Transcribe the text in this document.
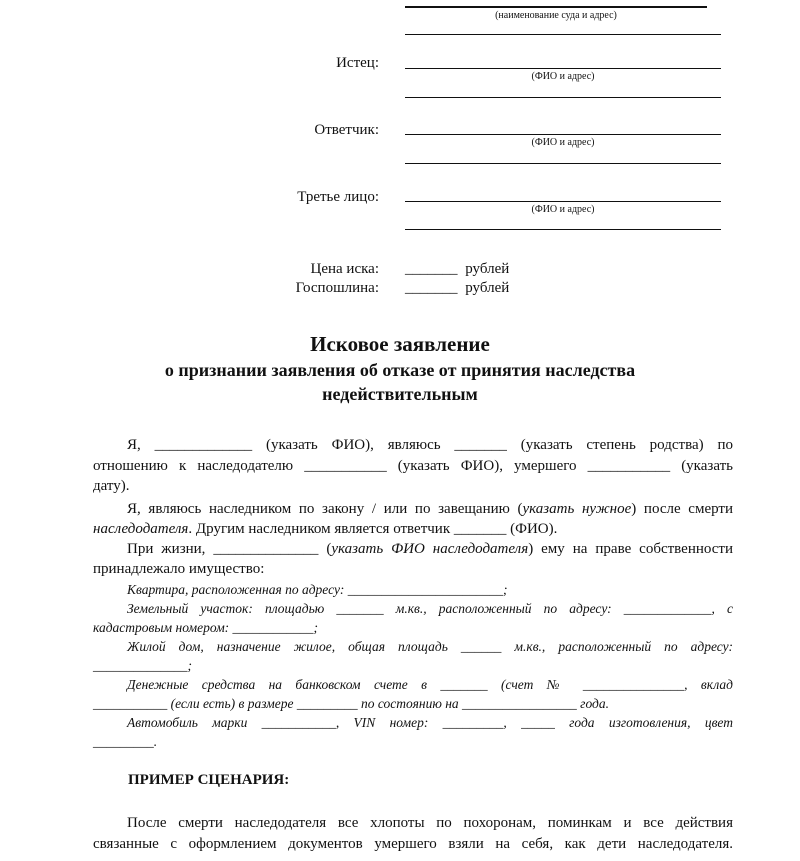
(наименование суда и адрес)
Истец:
(ФИО и адрес)
Ответчик:
(ФИО и адрес)
Третье лицо:
(ФИО и адрес)
Цена иска: _______ рублей
Госпошлина: _______ рублей
Исковое заявление
о признании заявления об отказе от принятия наследства
недействительным

Я, _____________ (указать ФИО), являюсь _______ (указать степень родства) по

отношению к наследодателю ___________ (указать ФИО), умершего ___________ (указать

дату).

Я, являюсь наследником по закону / или по завещанию (указать нужное) после смерти

наследодателя. Другим наследником является ответчик _______ (ФИО).

При жизни, ______________ (указать ФИО наследодателя) ему на праве собственности

принадлежало имущество:

Квартира, расположенная по адресу: _______________________;

Земельный участок: площадью _______ м.кв., расположенный по адресу: _____________, с

кадастровым номером: ____________;

Жилой дом, назначение жилое, общая площадь ______ м.кв., расположенный по адресу:

______________;

Денежные средства на банковском счете в _______ (счет № _______________, вклад

___________ (если есть) в размере _________ по состоянию на _________________ года.

Автомобиль марки ___________, VIN номер: _________, _____ года изготовления, цвет

_________.

ПРИМЕР СЦЕНАРИЯ:

После смерти наследодателя все хлопоты по похоронам, поминкам и все действия

связанные с оформлением документов умершего взяли на себя, как дети наследодателя.
